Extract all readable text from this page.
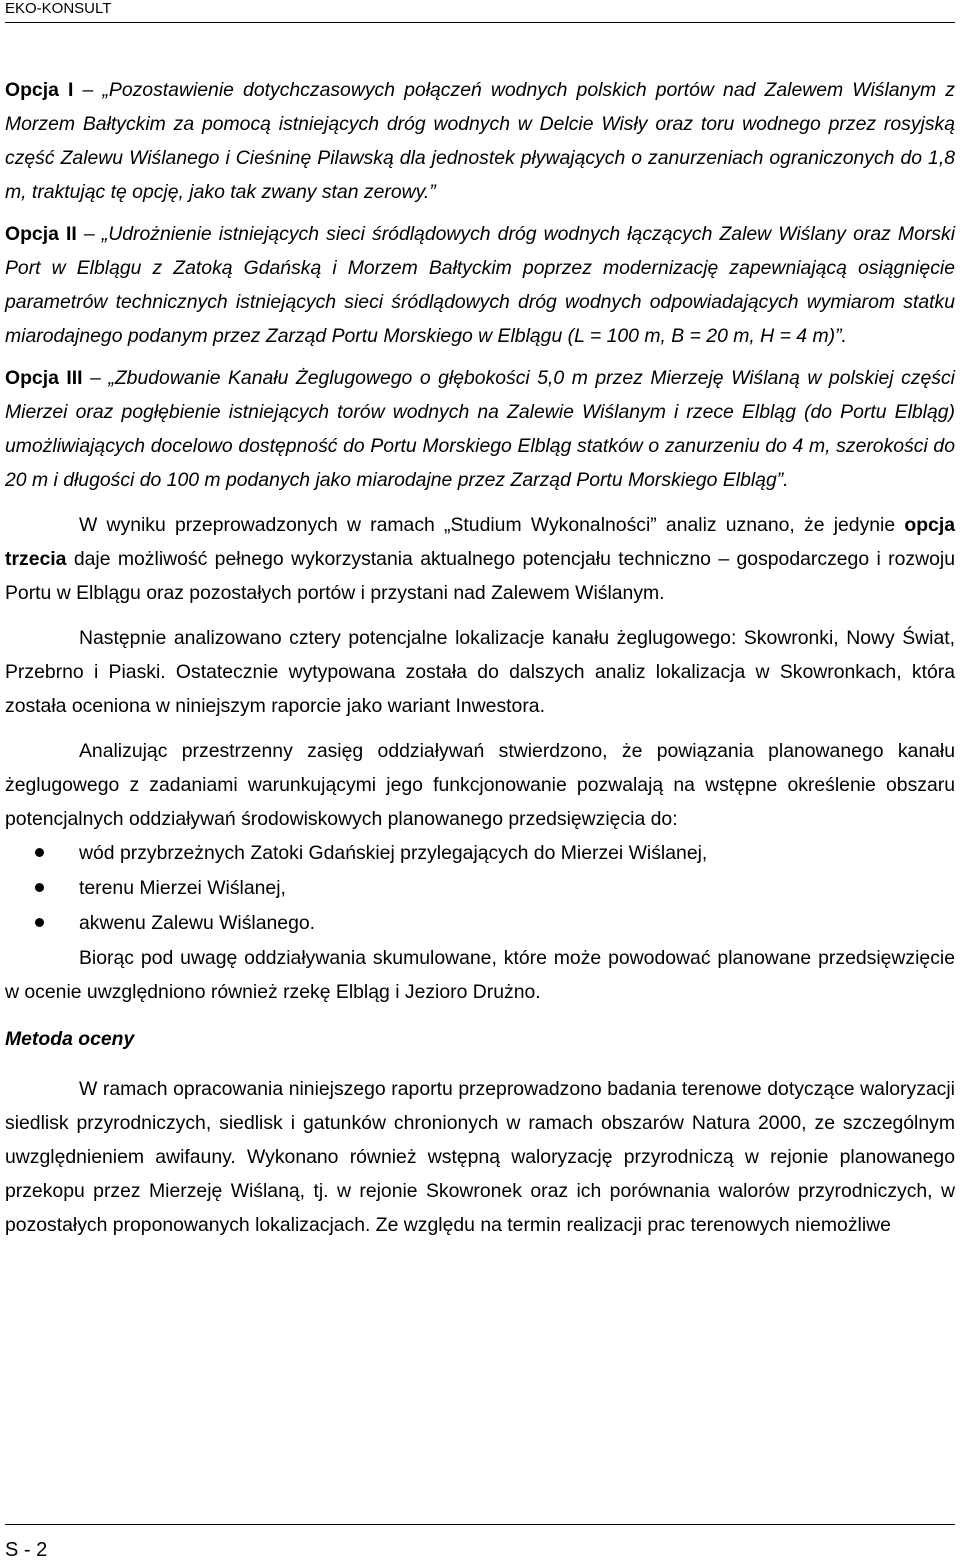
EKO-KONSULT

Opcja I – „Pozostawienie dotychczasowych połączeń wodnych polskich portów nad Zalewem Wiślanym z Morzem Bałtyckim za pomocą istniejących dróg wodnych w Delcie Wisły oraz toru wodnego przez rosyjską część Zalewu Wiślanego i Cieśninę Pilawską dla jednostek pływających o zanurzeniach ograniczonych do 1,8 m, traktując tę opcję, jako tak zwany stan zerowy.”

Opcja II – „Udrożnienie istniejących sieci śródlądowych dróg wodnych łączących Zalew Wiślany oraz Morski Port w Elblągu z Zatoką Gdańską i Morzem Bałtyckim poprzez modernizację zapewniającą osiągnięcie parametrów technicznych istniejących sieci śródlądowych dróg wodnych odpowiadających wymiarom statku miarodajnego podanym przez Zarząd Portu Morskiego w Elblągu (L = 100 m, B = 20 m, H = 4 m)”.

Opcja III – „Zbudowanie Kanału Żeglugowego o głębokości 5,0 m przez Mierzeję Wiślaną w polskiej części Mierzei oraz pogłębienie istniejących torów wodnych na Zalewie Wiślanym i rzece Elbląg (do Portu Elbląg) umożliwiających docelowo dostępność do Portu Morskiego Elbląg statków o zanurzeniu do 4 m, szerokości do 20 m i długości do 100 m podanych jako miarodajne przez Zarząd Portu Morskiego Elbląg”.

W wyniku przeprowadzonych w ramach „Studium Wykonalności” analiz uznano, że jedynie opcja trzecia daje możliwość pełnego wykorzystania aktualnego potencjału techniczno – gospodarczego i rozwoju Portu w Elblągu oraz pozostałych portów i przystani nad Zalewem Wiślanym.

Następnie analizowano cztery potencjalne lokalizacje kanału żeglugowego: Skowronki, Nowy Świat, Przebrno i Piaski. Ostatecznie wytypowana została do dalszych analiz lokalizacja w Skowronkach, która została oceniona w niniejszym raporcie jako wariant Inwestora.

Analizując przestrzenny zasięg oddziaływań stwierdzono, że powiązania planowanego kanału żeglugowego z zadaniami warunkującymi jego funkcjonowanie pozwalają na wstępne określenie obszaru potencjalnych oddziaływań środowiskowych planowanego przedsięwzięcia do:

wód przybrzeżnych Zatoki Gdańskiej przylegających do Mierzei Wiślanej,
terenu Mierzei Wiślanej,
akwenu Zalewu Wiślanego.

Biorąc pod uwagę oddziaływania skumulowane, które może powodować planowane przedsięwzięcie w ocenie uwzględniono również rzekę Elbląg i Jezioro Drużno.

Metoda oceny

W ramach opracowania niniejszego raportu przeprowadzono badania terenowe dotyczące waloryzacji siedlisk przyrodniczych, siedlisk i gatunków chronionych w ramach obszarów Natura 2000, ze szczególnym uwzględnieniem awifauny. Wykonano również wstępną waloryzację przyrodniczą w rejonie planowanego przekopu przez Mierzeję Wiślaną, tj. w rejonie Skowronek oraz ich porównania walorów przyrodniczych, w pozostałych proponowanych lokalizacjach. Ze względu na termin realizacji prac terenowych niemożliwe

S - 2
